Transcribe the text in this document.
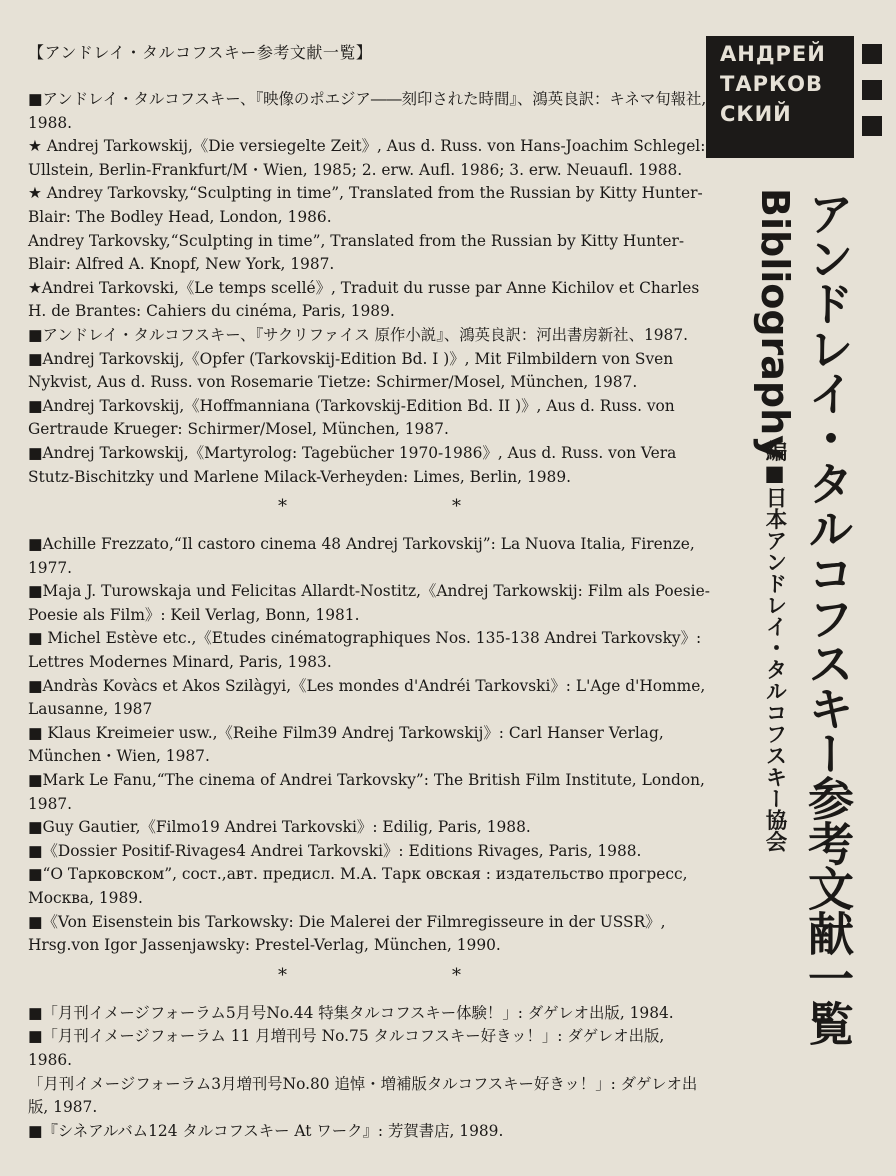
【アンドレイ・タルコフスキー参考文献一覧】
■アンドレイ・タルコフスキー、『映像のポエジア――刻印された時間』、鴻英良訳：キネマ旬報社, 1988.
★ Andrej Tarkowskij,《Die versiegelte Zeit》, Aus d. Russ. von Hans-Joachim Schlegel: Ullstein, Berlin-Frankfurt/M・Wien, 1985; 2. erw. Aufl. 1986; 3. erw. Neuaufl. 1988.
★ Andrey Tarkovsky,“Sculpting in time”, Translated from the Russian by Kitty Hunter-Blair: The Bodley Head, London, 1986.
Andrey Tarkovsky,“Sculpting in time”, Translated from the Russian by Kitty Hunter-Blair: Alfred A. Knopf, New York, 1987.
★Andrei Tarkovski,《Le temps scellé》, Traduit du russe par Anne Kichilov et Charles H. de Brantes: Cahiers du cinéma, Paris, 1989.
■アンドレイ・タルコフスキー、『サクリファイス 原作小説』、鴻英良訳：河出書房新社、1987.
■Andrej Tarkovskij,《Opfer (Tarkovskij-Edition Bd. I )》, Mit Filmbildern von Sven Nykvist, Aus d. Russ. von Rosemarie Tietze: Schirmer/Mosel, München, 1987.
■Andrej Tarkovskij,《Hoffmanniana (Tarkovskij-Edition Bd. II )》, Aus d. Russ. von Gertraude Krueger: Schirmer/Mosel, München, 1987.
■Andrej Tarkowskij,《Martyrolog: Tagebücher 1970-1986》, Aus d. Russ. von Vera
Stutz-Bischitzky und Marlene Milack-Verheyden: Limes, Berlin, 1989.
*	*
■Achille Frezzato,“Il castoro cinema 48 Andrej Tarkovskij”: La Nuova Italia, Firenze, 1977.
■Maja J. Turowskaja und Felicitas Allardt-Nostitz,《Andrej Tarkowskij: Film als Poesie-Poesie als Film》: Keil Verlag, Bonn, 1981.
■ Michel Estève etc.,《Etudes cinématographiques Nos. 135-138 Andrei Tarkovsky》: Lettres Modernes Minard, Paris, 1983.
■Andràs Kovàcs et Akos Szilàgyi,《Les mondes d'Andréi Tarkovski》: L'Age d'Homme, Lausanne, 1987
■ Klaus Kreimeier usw.,《Reihe Film39 Andrej Tarkowskij》: Carl Hanser Verlag, München・Wien, 1987.
■Mark Le Fanu,“The cinema of Andrei Tarkovsky”: The British Film Institute, London, 1987.
■Guy Gautier,《Filmo19 Andrei Tarkovski》: Edilig, Paris, 1988.
■《Dossier Positif-Rivages4 Andrei Tarkovski》: Editions Rivages, Paris, 1988.
■“О Тарковском”, сост.,авт. предисл. М.А. Тарк овская : издательство прогресс, Москва, 1989.
■《Von Eisenstein bis Tarkowsky: Die Malerei der Filmregisseure in der USSR》, Hrsg.von Igor Jassenjawsky: Prestel-Verlag, München, 1990.
*	*
■「月刊イメージフォーラム5月号No.44 特集タルコフスキー体験！」: ダゲレオ出版, 1984.
■「月刊イメージフォーラム 11 月増刊号 No.75 タルコフスキー好きッ！」: ダゲレオ出版, 1986.
「月刊イメージフォーラム3月増刊号No.80 追悼・増補版タルコフスキー好きッ！」: ダゲレオ出版, 1987.
■『シネアルバム124 タルコフスキー At ワーク』: 芳賀書店, 1989.
АНДРЕЙ
ТАРКОВ
СКИЙ
アンドレイ・タルコフスキー参考文献一覧
Bibliography
編■日本アンドレイ・タルコフスキー協会
